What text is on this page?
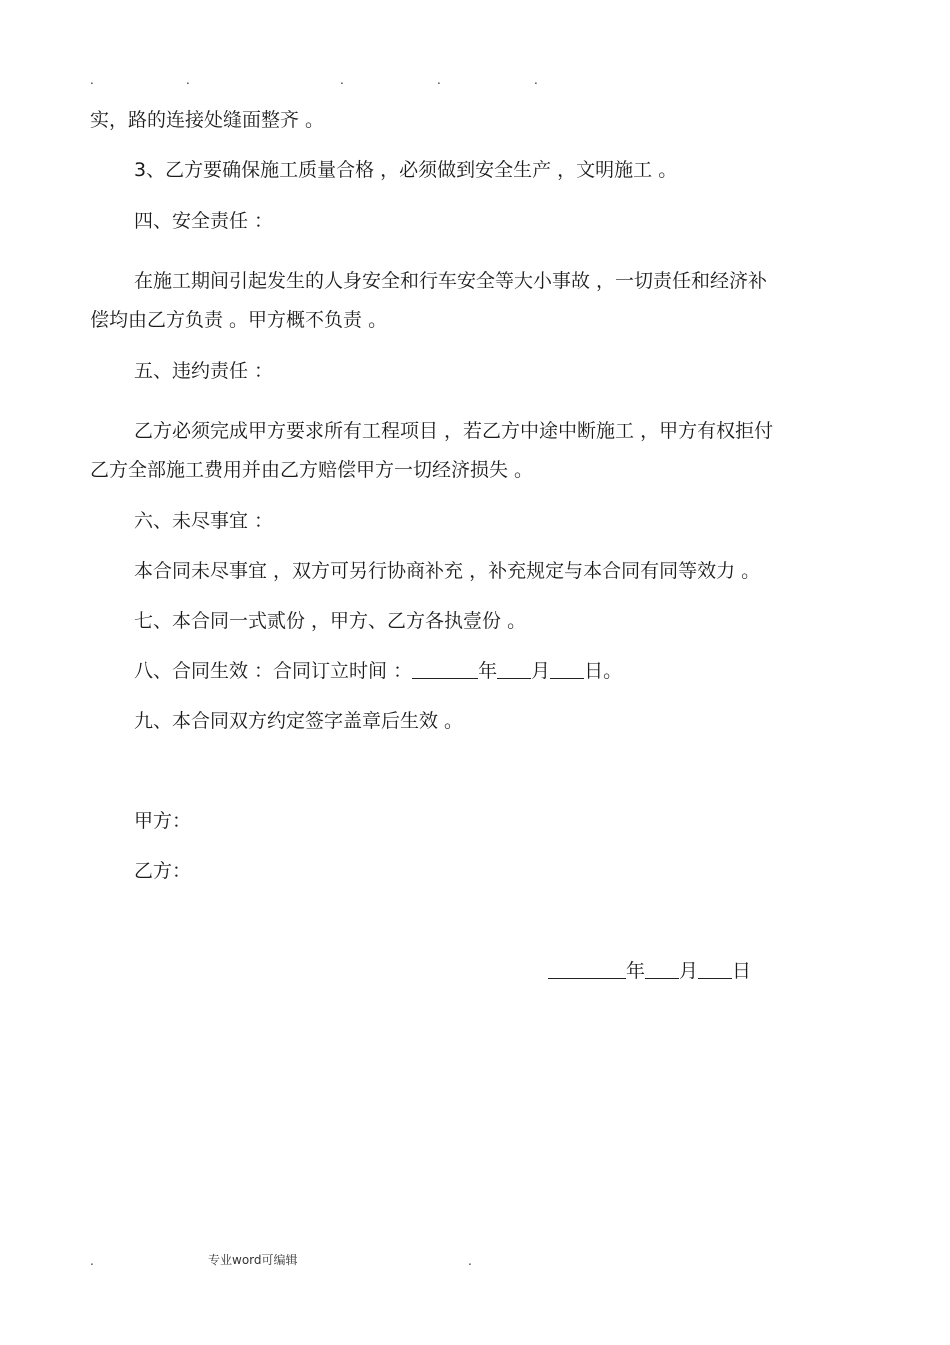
.	.	.	.	.
实，路的连接处缝面整齐 。
3、乙方要确保施工质量合格 ，必须做到安全生产 ，文明施工 。
四、安全责任 ：
在施工期间引起发生的人身安全和行车安全等大小事故 ，一切责任和经济补
偿均由乙方负责 。甲方概不负责 。
五、违约责任 ：
乙方必须完成甲方要求所有工程项目 ，若乙方中途中断施工 ，甲方有权拒付
乙方全部施工费用并由乙方赔偿甲方一切经济损失 。
六、未尽事宜 ：
本合同未尽事宜 ，双方可另行协商补充 ，补充规定与本合同有同等效力 。
七、本合同一式贰份 ，甲方、乙方各执壹份 。
八、合同生效 ：合同订立时间 ：	年 月 日。
九、本合同双方约定签字盖章后生效 。
甲方：
乙方：
年 月 日
.	专业word可编辑	.
